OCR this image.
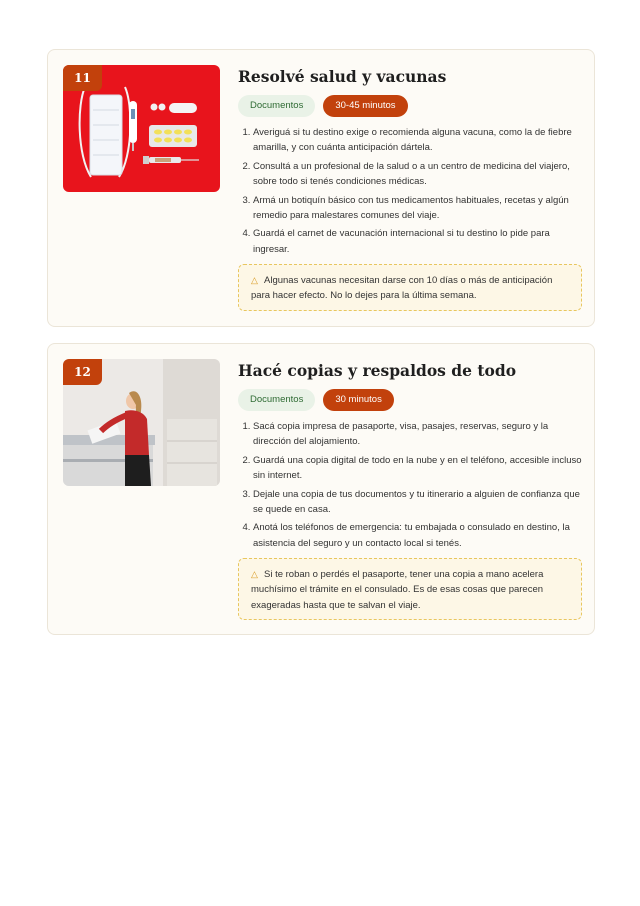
11	Resolvé salud y vacunas
Documentos	30-45 minutos
1. Averiguá si tu destino exige o recomienda alguna vacuna, como la de fiebre amarilla, y con cuánta anticipación dártela.
2. Consultá a un profesional de la salud o a un centro de medicina del viajero, sobre todo si tenés condiciones médicas.
3. Armá un botiquín básico con tus medicamentos habituales, recetas y algún remedio para malestares comunes del viaje.
4. Guardá el carnet de vacunación internacional si tu destino lo pide para ingresar.
△ Algunas vacunas necesitan darse con 10 días o más de anticipación para hacer efecto. No lo dejes para la última semana.
12	Hacé copias y respaldos de todo
Documentos	30 minutos
1. Sacá copia impresa de pasaporte, visa, pasajes, reservas, seguro y la dirección del alojamiento.
2. Guardá una copia digital de todo en la nube y en el teléfono, accesible incluso sin internet.
3. Dejale una copia de tus documentos y tu itinerario a alguien de confianza que se quede en casa.
4. Anotá los teléfonos de emergencia: tu embajada o consulado en destino, la asistencia del seguro y un contacto local si tenés.
△ Si te roban o perdés el pasaporte, tener una copia a mano acelera muchísimo el trámite en el consulado. Es de esas cosas que parecen exageradas hasta que te salvan el viaje.
